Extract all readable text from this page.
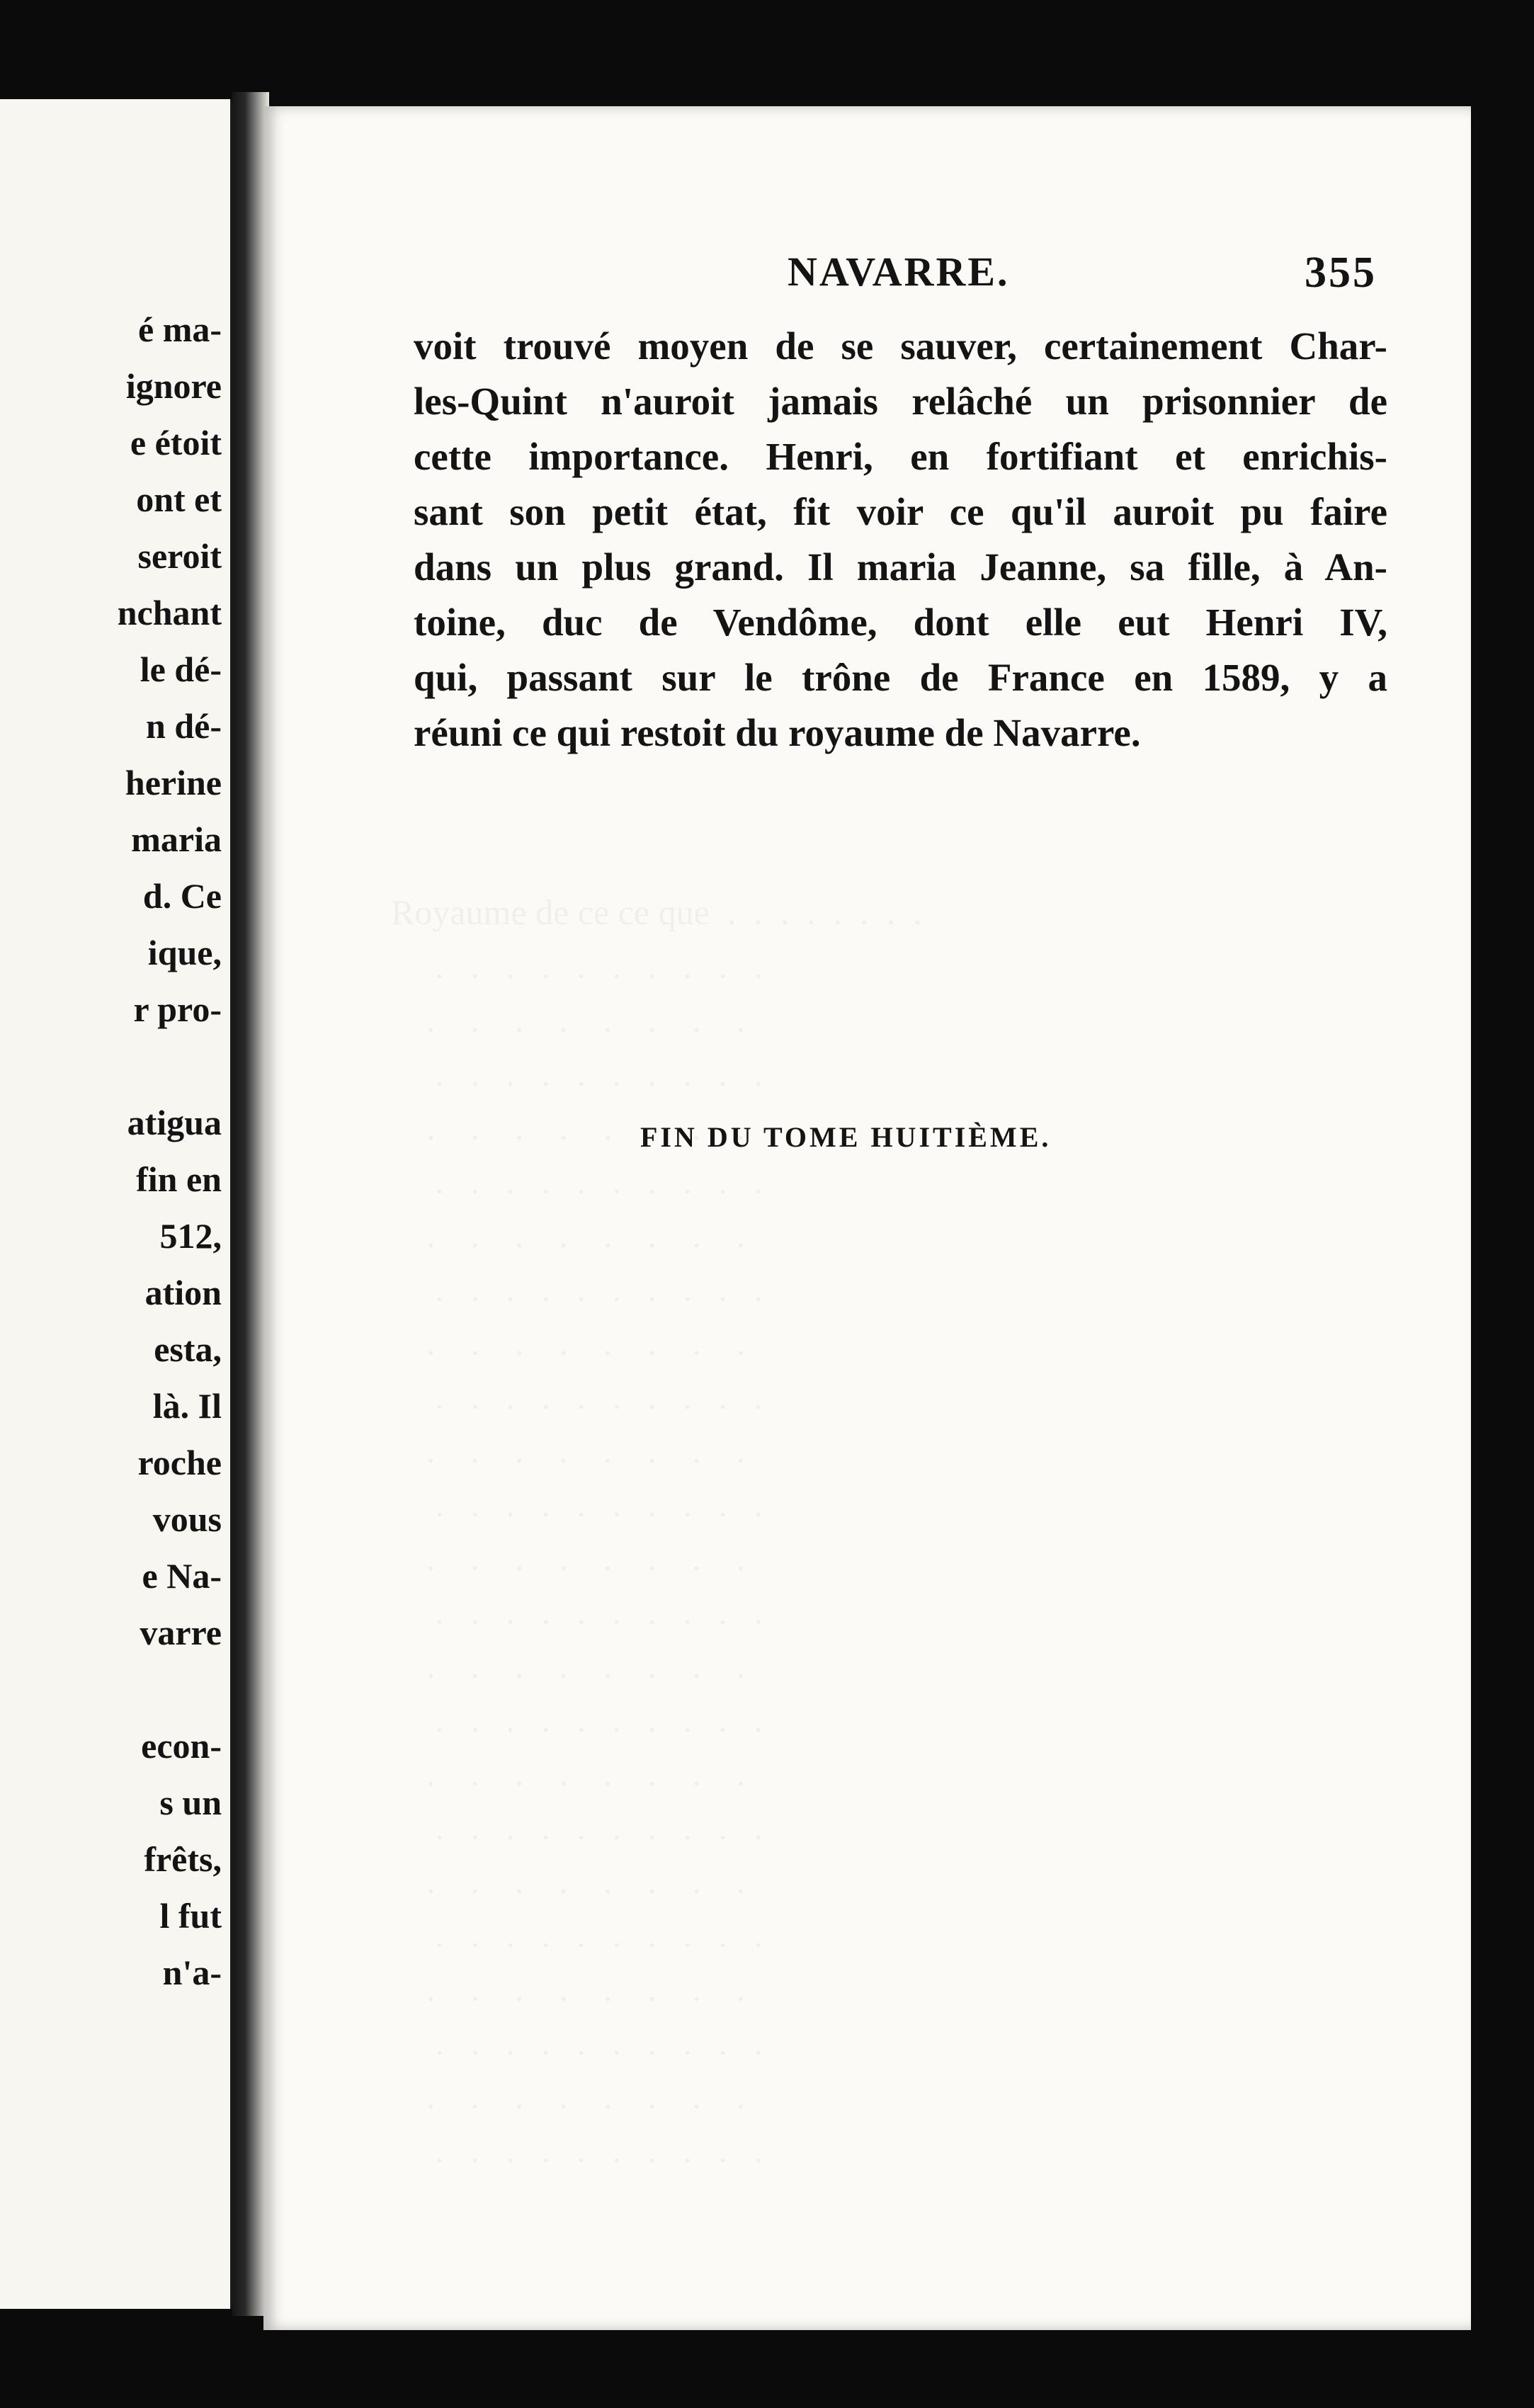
é ma-
ignore
e étoit
ont et
seroit
nchant
le dé-
n dé-
herine
maria
d. Ce
ique,
r pro-
atigua
fin en
512,
ation
esta,
là. Il
roche
vous
e Na-
varre
econ-
s un
frêts,
l fut
n'a-
NAVARRE.	355
voit trouvé moyen de se sauver, certainement Char-
les-Quint n'auroit jamais relâché un prisonnier de
cette importance. Henri, en fortifiant et enrichis-
sant son petit état, fit voir ce qu'il auroit pu faire
dans un plus grand. Il maria Jeanne, sa fille, à An-
toine, duc de Vendôme, dont elle eut Henri IV,
qui, passant sur le trône de France en 1589, y a
réuni ce qui restoit du royaume de Navarre.
FIN DU TOME HUITIÈME.
